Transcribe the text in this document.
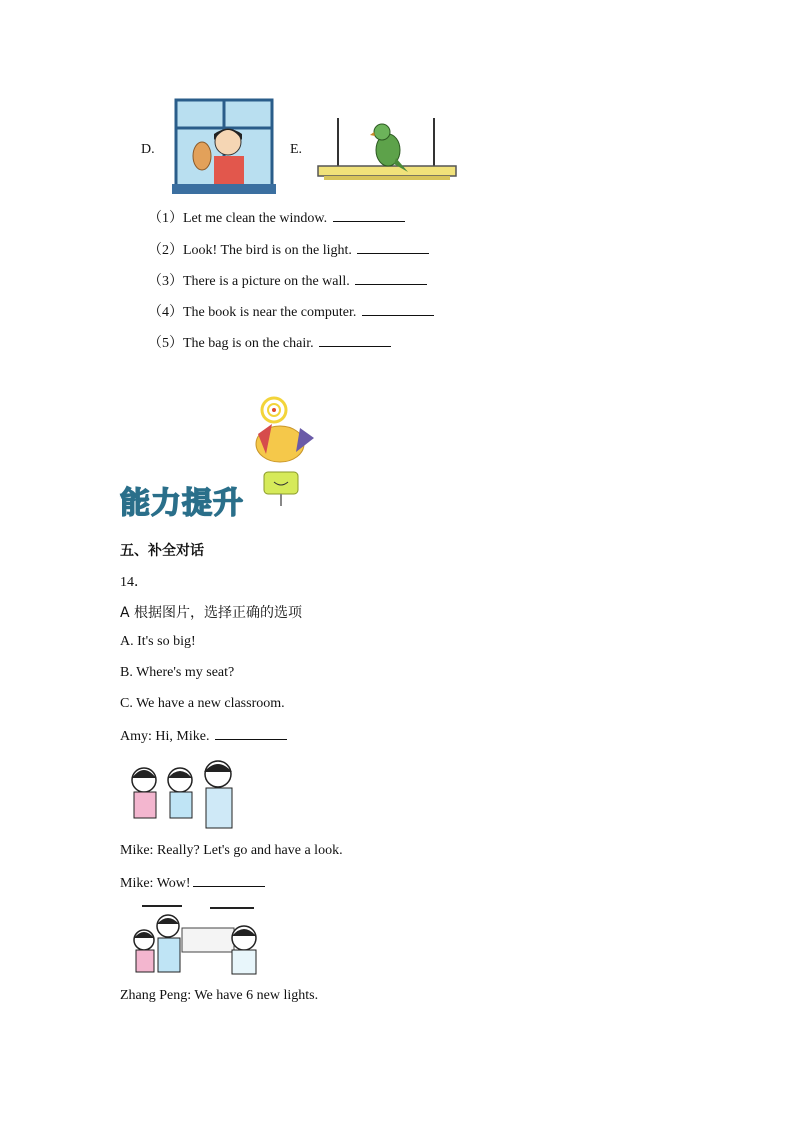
D.	E.
（1）Let me clean the window.
（2）Look! The bird is on the light.
（3）There is a picture on the wall.
（4）The book is near the computer.
（5）The bag is on the chair.
能力提升
五、补全对话
14．
A 根据图片，选择正确的选项
A. It's so big!
B. Where's my seat?
C. We have a new classroom.
Amy: Hi, Mike.
Mike: Really? Let's go and have a look.
Mike: Wow!
Zhang Peng: We have 6 new lights.
